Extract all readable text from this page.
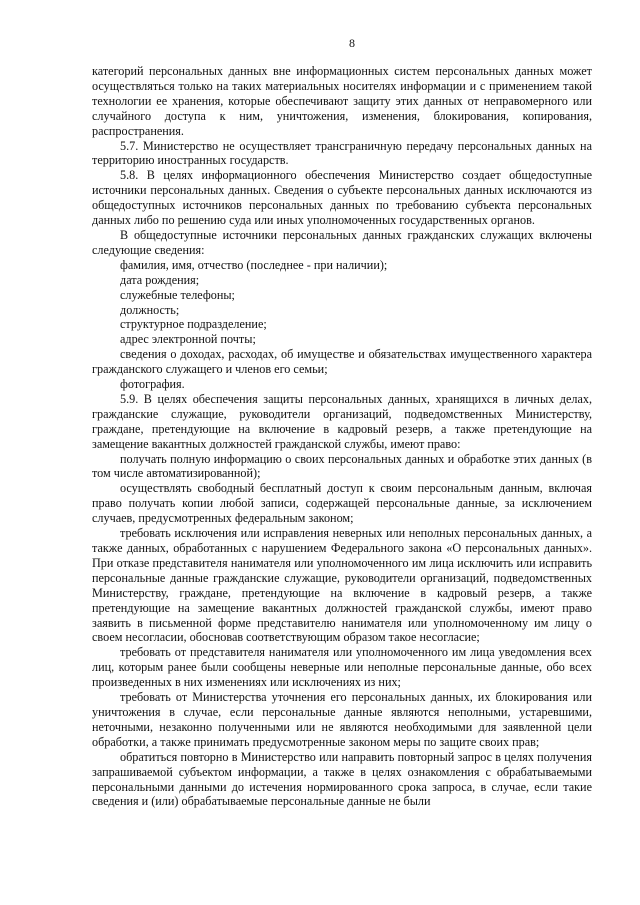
8

категорий персональных данных вне информационных систем персональных данных может осуществляться только на таких материальных носителях информации и с применением такой технологии ее хранения, которые обеспечивают защиту этих данных от неправомерного или случайного доступа к ним, уничтожения, изменения, блокирования, копирования, распространения.

5.7. Министерство не осуществляет трансграничную передачу персональных данных на территорию иностранных государств.

5.8. В целях информационного обеспечения Министерство создает общедоступные источники персональных данных. Сведения о субъекте персональных данных исключаются из общедоступных источников персональных данных по требованию субъекта персональных данных либо по решению суда или иных уполномоченных государственных органов.

В общедоступные источники персональных данных гражданских служащих включены следующие сведения:

фамилия, имя, отчество (последнее - при наличии);

дата рождения;

служебные телефоны;

должность;

структурное подразделение;

адрес электронной почты;

сведения о доходах, расходах, об имуществе и обязательствах имущественного характера гражданского служащего и членов его семьи;

фотография.

5.9. В целях обеспечения защиты персональных данных, хранящихся в личных делах, гражданские служащие, руководители организаций, подведомственных Министерству, граждане, претендующие на включение в кадровый резерв, а также претендующие на замещение вакантных должностей гражданской службы, имеют право:

получать полную информацию о своих персональных данных и обработке этих данных (в том числе автоматизированной);

осуществлять свободный бесплатный доступ к своим персональным данным, включая право получать копии любой записи, содержащей персональные данные, за исключением случаев, предусмотренных федеральным законом;

требовать исключения или исправления неверных или неполных персональных данных, а также данных, обработанных с нарушением Федерального закона «О персональных данных». При отказе представителя нанимателя или уполномоченного им лица исключить или исправить персональные данные гражданские служащие, руководители организаций, подведомственных Министерству, граждане, претендующие на включение в кадровый резерв, а также претендующие на замещение вакантных должностей гражданской службы, имеют право заявить в письменной форме представителю нанимателя или уполномоченному им лицу о своем несогласии, обосновав соответствующим образом такое несогласие;

требовать от представителя нанимателя или уполномоченного им лица уведомления всех лиц, которым ранее были сообщены неверные или неполные персональные данные, обо всех произведенных в них изменениях или исключениях из них;

требовать от Министерства уточнения его персональных данных, их блокирования или уничтожения в случае, если персональные данные являются неполными, устаревшими, неточными, незаконно полученными или не являются необходимыми для заявленной цели обработки, а также принимать предусмотренные законом меры по защите своих прав;

обратиться повторно в Министерство или направить повторный запрос в целях получения запрашиваемой субъектом информации, а также в целях ознакомления с обрабатываемыми персональными данными до истечения нормированного срока запроса, в случае, если такие сведения и (или) обрабатываемые персональные данные не были
